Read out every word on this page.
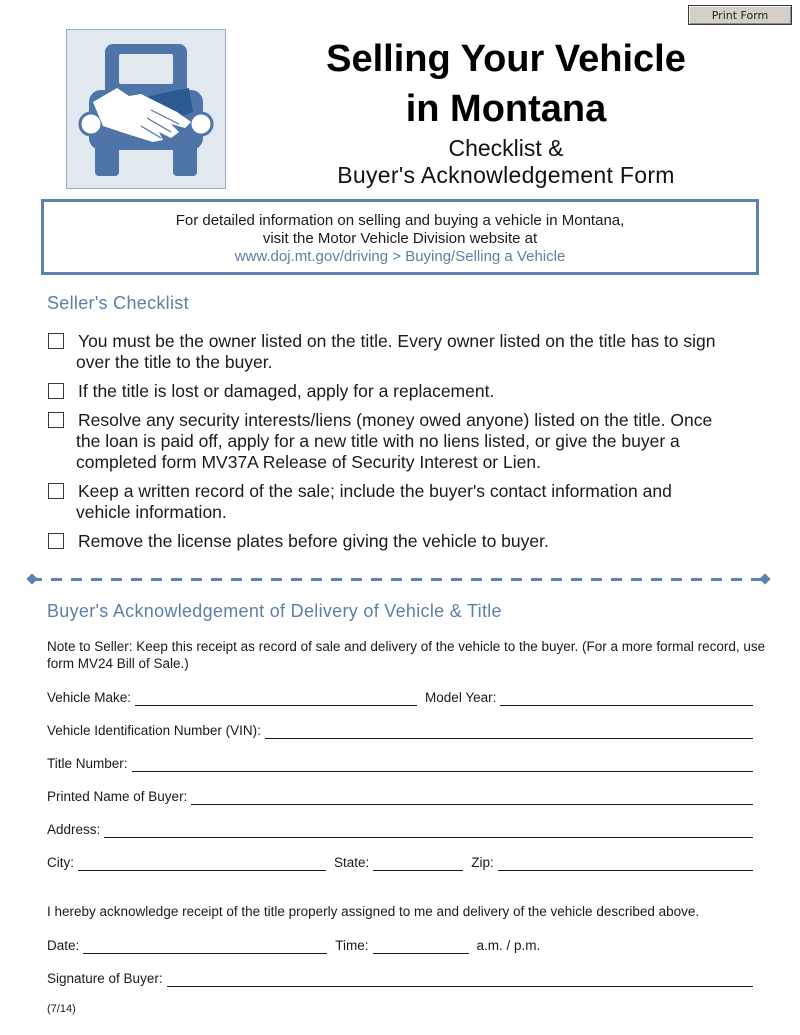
Print Form
Selling Your Vehicle
in Montana
Checklist &
Buyer's Acknowledgement Form
For detailed information on selling and buying a vehicle in Montana,
visit the Motor Vehicle Division website at
www.doj.mt.gov/driving > Buying/Selling a Vehicle
Seller's Checklist
You must be the owner listed on the title. Every owner listed on the title has to sign
over the title to the buyer.
If the title is lost or damaged, apply for a replacement.
Resolve any security interests/liens (money owed anyone) listed on the title. Once
the loan is paid off, apply for a new title with no liens listed, or give the buyer a
completed form MV37A Release of Security Interest or Lien.
Keep a written record of the sale; include the buyer's contact information and
vehicle information.
Remove the license plates before giving the vehicle to buyer.
Buyer's Acknowledgement of Delivery of Vehicle & Title
Note to Seller: Keep this receipt as record of sale and delivery of the vehicle to the buyer. (For a more formal record, use form MV24 Bill of Sale.)
Vehicle Make:	Model Year:
Vehicle Identification Number (VIN):
Title Number:
Printed Name of Buyer:
Address:
City:	State:	Zip:
I hereby acknowledge receipt of the title properly assigned to me and delivery of the vehicle described above.
Date:	Time:	a.m. / p.m.
Signature of Buyer:
(7/14)
